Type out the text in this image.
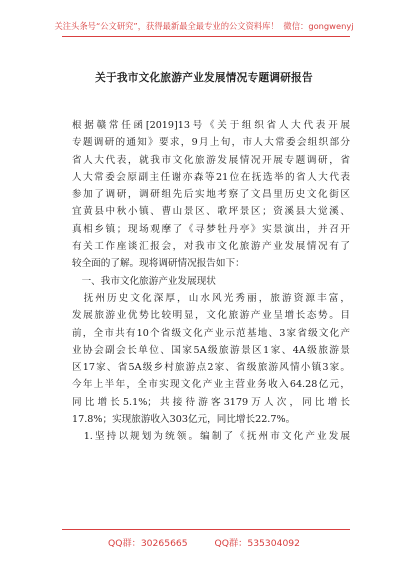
关注头条号“公文研究”，获得最新最全最专业的公文资料库！ 微信：gongwenyj
关于我市文化旅游产业发展情况专题调研报告
根据赣常任函[2019]13号《关于组织省人大代表开展
专题调研的通知》要求，9月上旬，市人大常委会组织部分
省人大代表，就我市文化旅游发展情况开展专题调研，省
人大常委会原副主任谢亦森等21位在抚选举的省人大代表
参加了调研，调研组先后实地考察了文昌里历史文化街区
宜黄县中秋小镇、曹山景区、歌坪景区；资溪县大觉溪、
真相乡镇；现场观摩了《寻梦牡丹亭》实景演出，并召开
有关工作座谈汇报会，对我市文化旅游产业发展情况有了
较全面的了解。现将调研情况报告如下：
　一、我市文化旅游产业发展现状
　抚州历史文化深厚，山水风光秀丽，旅游资源丰富，
发展旅游业优势比较明显，文化旅游产业呈增长态势。目
前，全市共有10个省级文化产业示范基地、3家省级文化产
业协会副会长单位、国家5A级旅游景区1家、4A级旅游景
区17家、省5A级乡村旅游点2家、省级旅游风情小镇3家。
今年上半年，全市实现文化产业主营业务收入64.28亿元，
同比增长5.1%；共接待游客3179万人次，同比增长
17.8%；实现旅游收入303亿元，同比增长22.7%。
　1.坚持以规划为统领。编制了《抚州市文化产业发展
QQ群：30265665	QQ群：535304092
